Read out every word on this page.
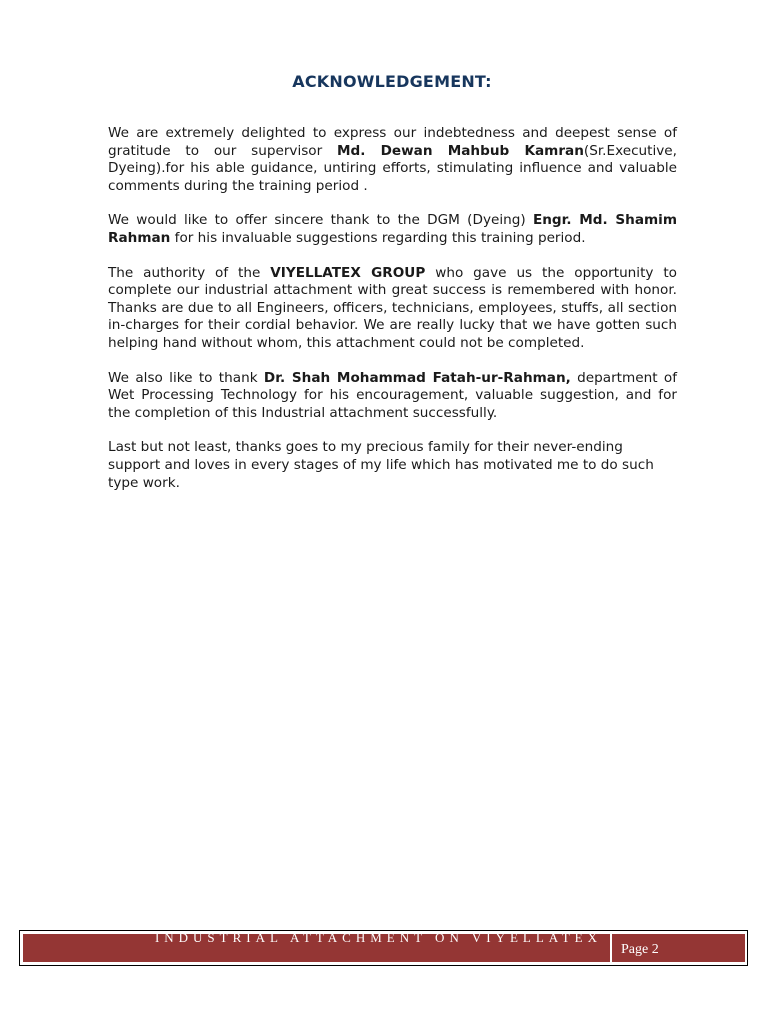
ACKNOWLEDGEMENT:

We are extremely delighted to express our indebtedness and deepest sense of gratitude to our supervisor Md. Dewan Mahbub Kamran(Sr.Executive, Dyeing).for his able guidance, untiring efforts, stimulating influence and valuable comments during the training period .

We would like to offer sincere thank to the DGM (Dyeing) Engr. Md. Shamim Rahman for his invaluable suggestions regarding this training period.

The authority of the VIYELLATEX GROUP who gave us the opportunity to complete our industrial attachment with great success is remembered with honor. Thanks are due to all Engineers, officers, technicians, employees, stuffs, all section in-charges for their cordial behavior. We are really lucky that we have gotten such helping hand without whom, this attachment could not be completed.

We also like to thank Dr. Shah Mohammad Fatah-ur-Rahman, department of Wet Processing Technology for his encouragement, valuable suggestion, and for the completion of this Industrial attachment successfully.

Last but not least, thanks goes to my precious family for their never-ending support and loves in every stages of my life which has motivated me to do such type work.

INDUSTRIAL ATTACHMENT ON VIYELLATEX
Page 2
